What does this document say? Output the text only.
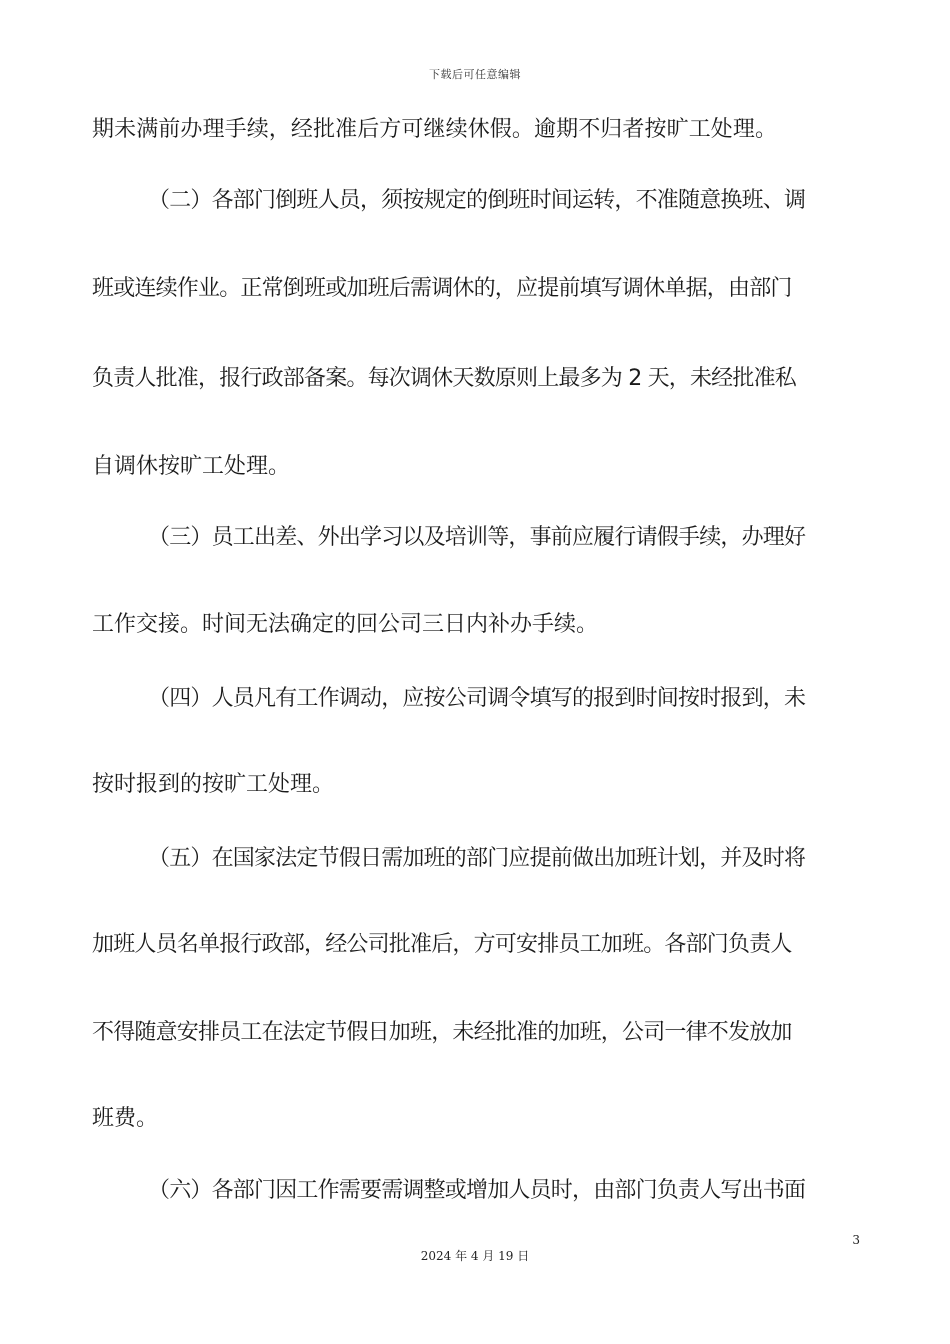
下载后可任意编辑
期未满前办理手续，经批准后方可继续休假。逾期不归者按旷工处理。
（二）各部门倒班人员，须按规定的倒班时间运转，不准随意换班、调
班或连续作业。正常倒班或加班后需调休的，应提前填写调休单据，由部门
负责人批准，报行政部备案。每次调休天数原则上最多为 2 天，未经批准私
自调休按旷工处理。
（三）员工出差、外出学习以及培训等，事前应履行请假手续，办理好
工作交接。时间无法确定的回公司三日内补办手续。
（四）人员凡有工作调动，应按公司调令填写的报到时间按时报到，未
按时报到的按旷工处理。
（五）在国家法定节假日需加班的部门应提前做出加班计划，并及时将
加班人员名单报行政部，经公司批准后，方可安排员工加班。各部门负责人
不得随意安排员工在法定节假日加班，未经批准的加班，公司一律不发放加
班费。
（六）各部门因工作需要需调整或增加人员时，由部门负责人写出书面
3
2024 年 4 月 19 日
